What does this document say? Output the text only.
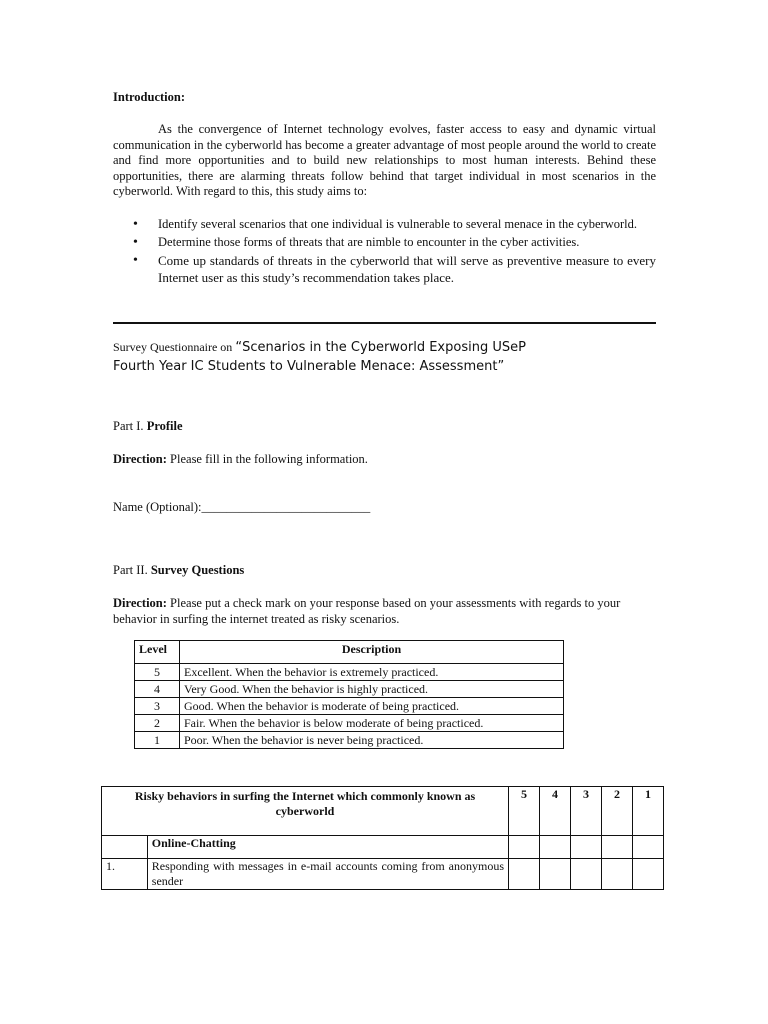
Introduction:

As the convergence of Internet technology evolves, faster access to easy and dynamic virtual communication in the cyberworld has become a greater advantage of most people around the world to create and find more opportunities and to build new relationships to most human interests. Behind these opportunities, there are alarming threats follow behind that target individual in most scenarios in the cyberworld. With regard to this, this study aims to:

• Identify several scenarios that one individual is vulnerable to several menace in the cyberworld.
• Determine those forms of threats that are nimble to encounter in the cyber activities.
• Come up standards of threats in the cyberworld that will serve as preventive measure to every Internet user as this study’s recommendation takes place.
Survey Questionnaire on “Scenarios in the Cyberworld Exposing USeP
Fourth Year IC Students to Vulnerable Menace: Assessment”
Part I. Profile
Direction: Please fill in the following information.
Name (Optional):___________________________
Part II. Survey Questions
Direction: Please put a check mark on your response based on your assessments with regards to your behavior in surfing the internet treated as risky scenarios.
Level	Description
5	Excellent. When the behavior is extremely practiced.
4	Very Good. When the behavior is highly practiced.
3	Good. When the behavior is moderate of being practiced.
2	Fair. When the behavior is below moderate of being practiced.
1	Poor. When the behavior is never being practiced.
Risky behaviors in surfing the Internet which commonly known as cyberworld		5	4	3	2	1
	Online-Chatting					
1.	Responding with messages in e-mail accounts coming from anonymous sender					
